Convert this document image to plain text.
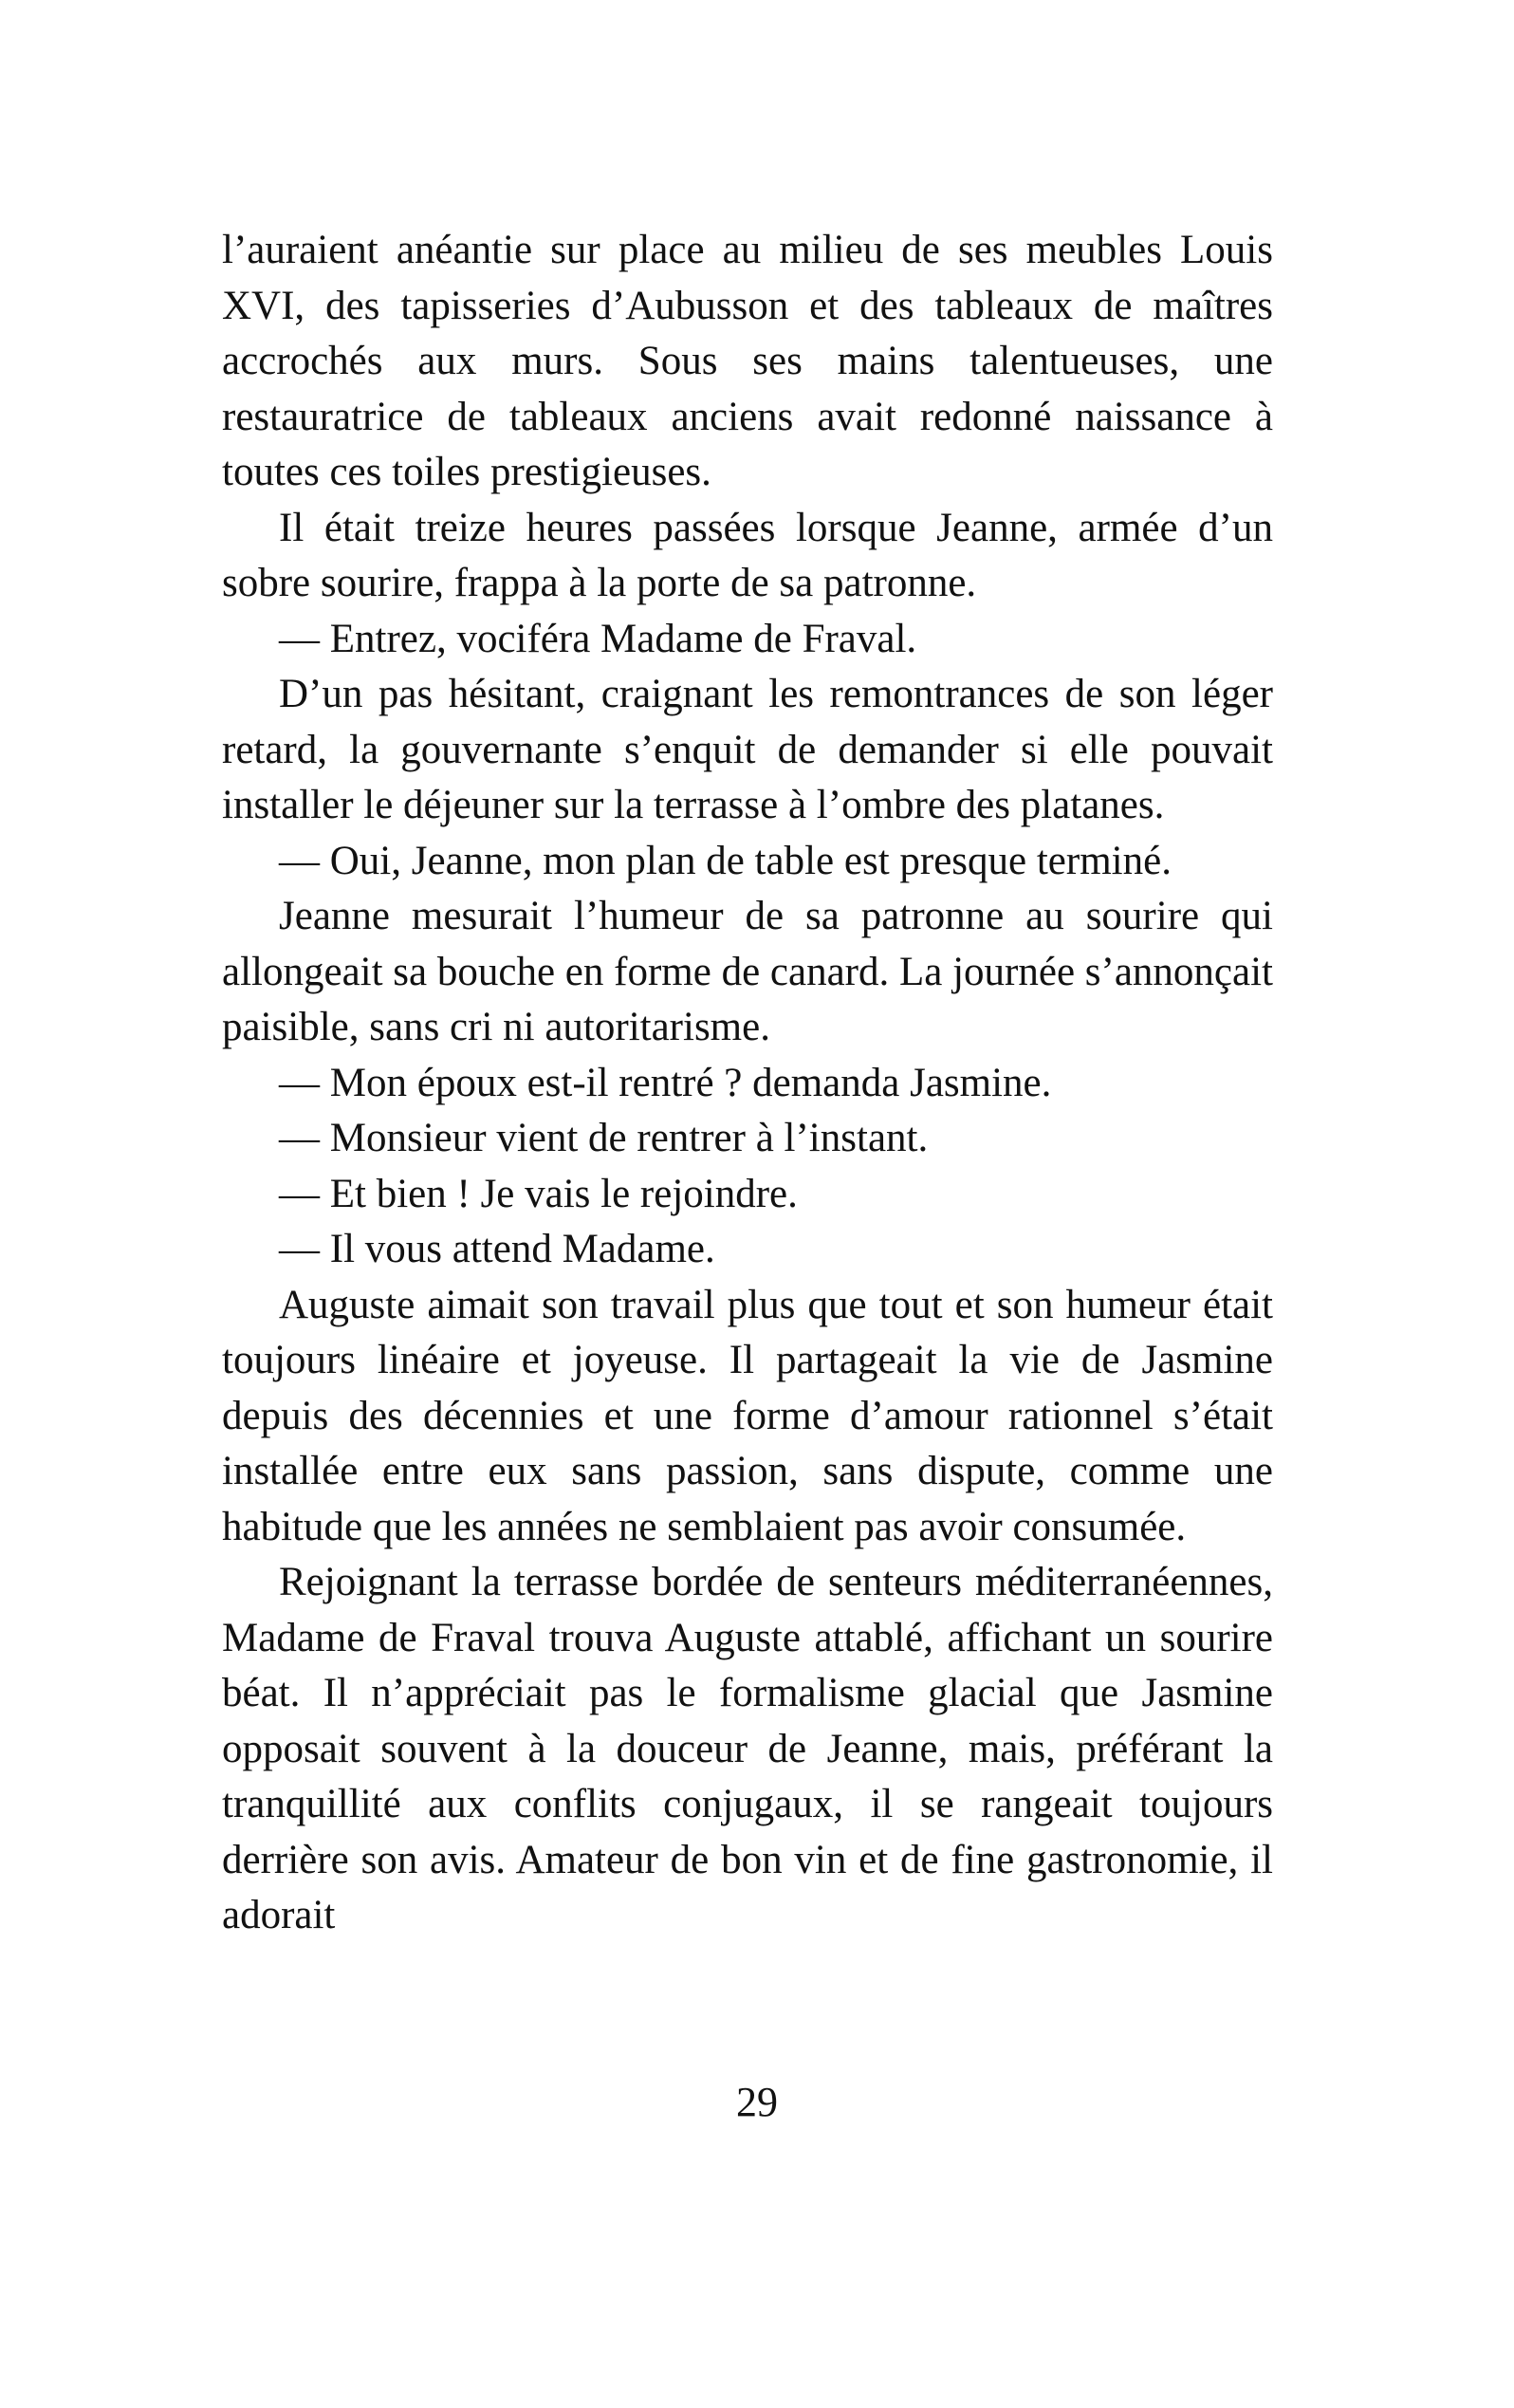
l’auraient anéantie sur place au milieu de ses meubles Louis XVI, des tapisseries d’Aubusson et des tableaux de maîtres accrochés aux murs. Sous ses mains talentueuses, une restauratrice de tableaux anciens avait redonné naissance à toutes ces toiles prestigieuses.

Il était treize heures passées lorsque Jeanne, armée d’un sobre sourire, frappa à la porte de sa patronne.

— Entrez, vociféra Madame de Fraval.

D’un pas hésitant, craignant les remontrances de son léger retard, la gouvernante s’enquit de demander si elle pouvait installer le déjeuner sur la terrasse à l’ombre des platanes.

— Oui, Jeanne, mon plan de table est presque terminé.

Jeanne mesurait l’humeur de sa patronne au sourire qui allongeait sa bouche en forme de canard. La journée s’annonçait paisible, sans cri ni autoritarisme.

— Mon époux est-il rentré ? demanda Jasmine.

— Monsieur vient de rentrer à l’instant.

— Et bien ! Je vais le rejoindre.

— Il vous attend Madame.

Auguste aimait son travail plus que tout et son humeur était toujours linéaire et joyeuse. Il partageait la vie de Jasmine depuis des décennies et une forme d’amour rationnel s’était installée entre eux sans passion, sans dispute, comme une habitude que les années ne semblaient pas avoir consumée.

Rejoignant la terrasse bordée de senteurs méditerranéennes, Madame de Fraval trouva Auguste attablé, affichant un sourire béat. Il n’appréciait pas le formalisme glacial que Jasmine opposait souvent à la douceur de Jeanne, mais, préférant la tranquillité aux conflits conjugaux, il se rangeait toujours derrière son avis. Amateur de bon vin et de fine gastronomie, il adorait

29
